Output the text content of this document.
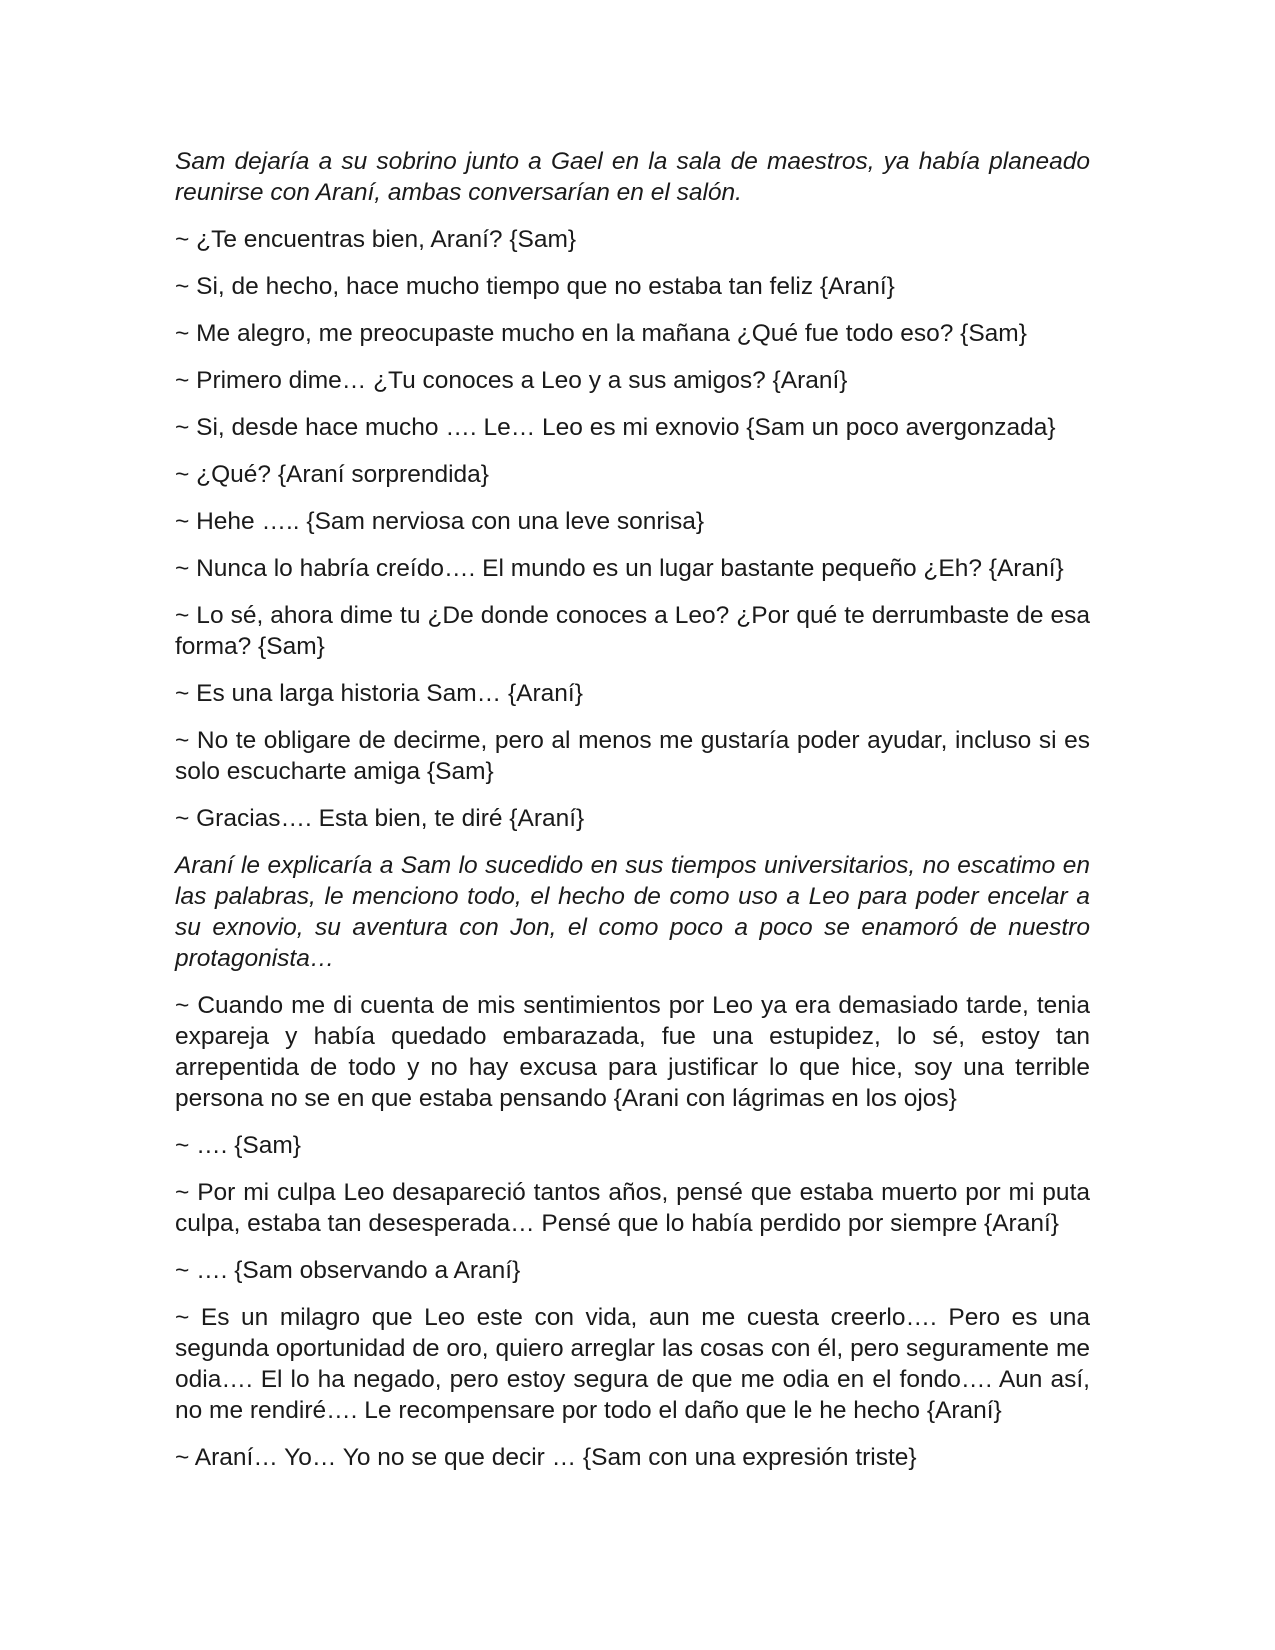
Sam dejaría a su sobrino junto a Gael en la sala de maestros, ya había planeado reunirse con Araní, ambas conversarían en el salón.

~ ¿Te encuentras bien, Araní? {Sam}

~ Si, de hecho, hace mucho tiempo que no estaba tan feliz {Araní}

~ Me alegro, me preocupaste mucho en la mañana ¿Qué fue todo eso? {Sam}

~ Primero dime… ¿Tu conoces a Leo y a sus amigos? {Araní}

~ Si, desde hace mucho …. Le… Leo es mi exnovio {Sam un poco avergonzada}

~ ¿Qué? {Araní sorprendida}

~ Hehe ….. {Sam nerviosa con una leve sonrisa}

~ Nunca lo habría creído…. El mundo es un lugar bastante pequeño ¿Eh? {Araní}

~ Lo sé, ahora dime tu ¿De donde conoces a Leo? ¿Por qué te derrumbaste de esa forma? {Sam}

~ Es una larga historia Sam… {Araní}

~ No te obligare de decirme, pero al menos me gustaría poder ayudar, incluso si es solo escucharte amiga {Sam}

~ Gracias…. Esta bien, te diré {Araní}

Araní le explicaría a Sam lo sucedido en sus tiempos universitarios, no escatimo en las palabras, le menciono todo, el hecho de como uso a Leo para poder encelar a su exnovio, su aventura con Jon, el como poco a poco se enamoró de nuestro protagonista…

~ Cuando me di cuenta de mis sentimientos por Leo ya era demasiado tarde, tenia expareja y había quedado embarazada, fue una estupidez, lo sé, estoy tan arrepentida de todo y no hay excusa para justificar lo que hice, soy una terrible persona no se en que estaba pensando {Arani con lágrimas en los ojos}

~ …. {Sam}

~ Por mi culpa Leo desapareció tantos años, pensé que estaba muerto por mi puta culpa, estaba tan desesperada… Pensé que lo había perdido por siempre {Araní}

~ …. {Sam observando a Araní}

~ Es un milagro que Leo este con vida, aun me cuesta creerlo…. Pero es una segunda oportunidad de oro, quiero arreglar las cosas con él, pero seguramente me odia…. El lo ha negado, pero estoy segura de que me odia en el fondo…. Aun así, no me rendiré…. Le recompensare por todo el daño que le he hecho {Araní}

~ Araní… Yo… Yo no se que decir … {Sam con una expresión triste}
